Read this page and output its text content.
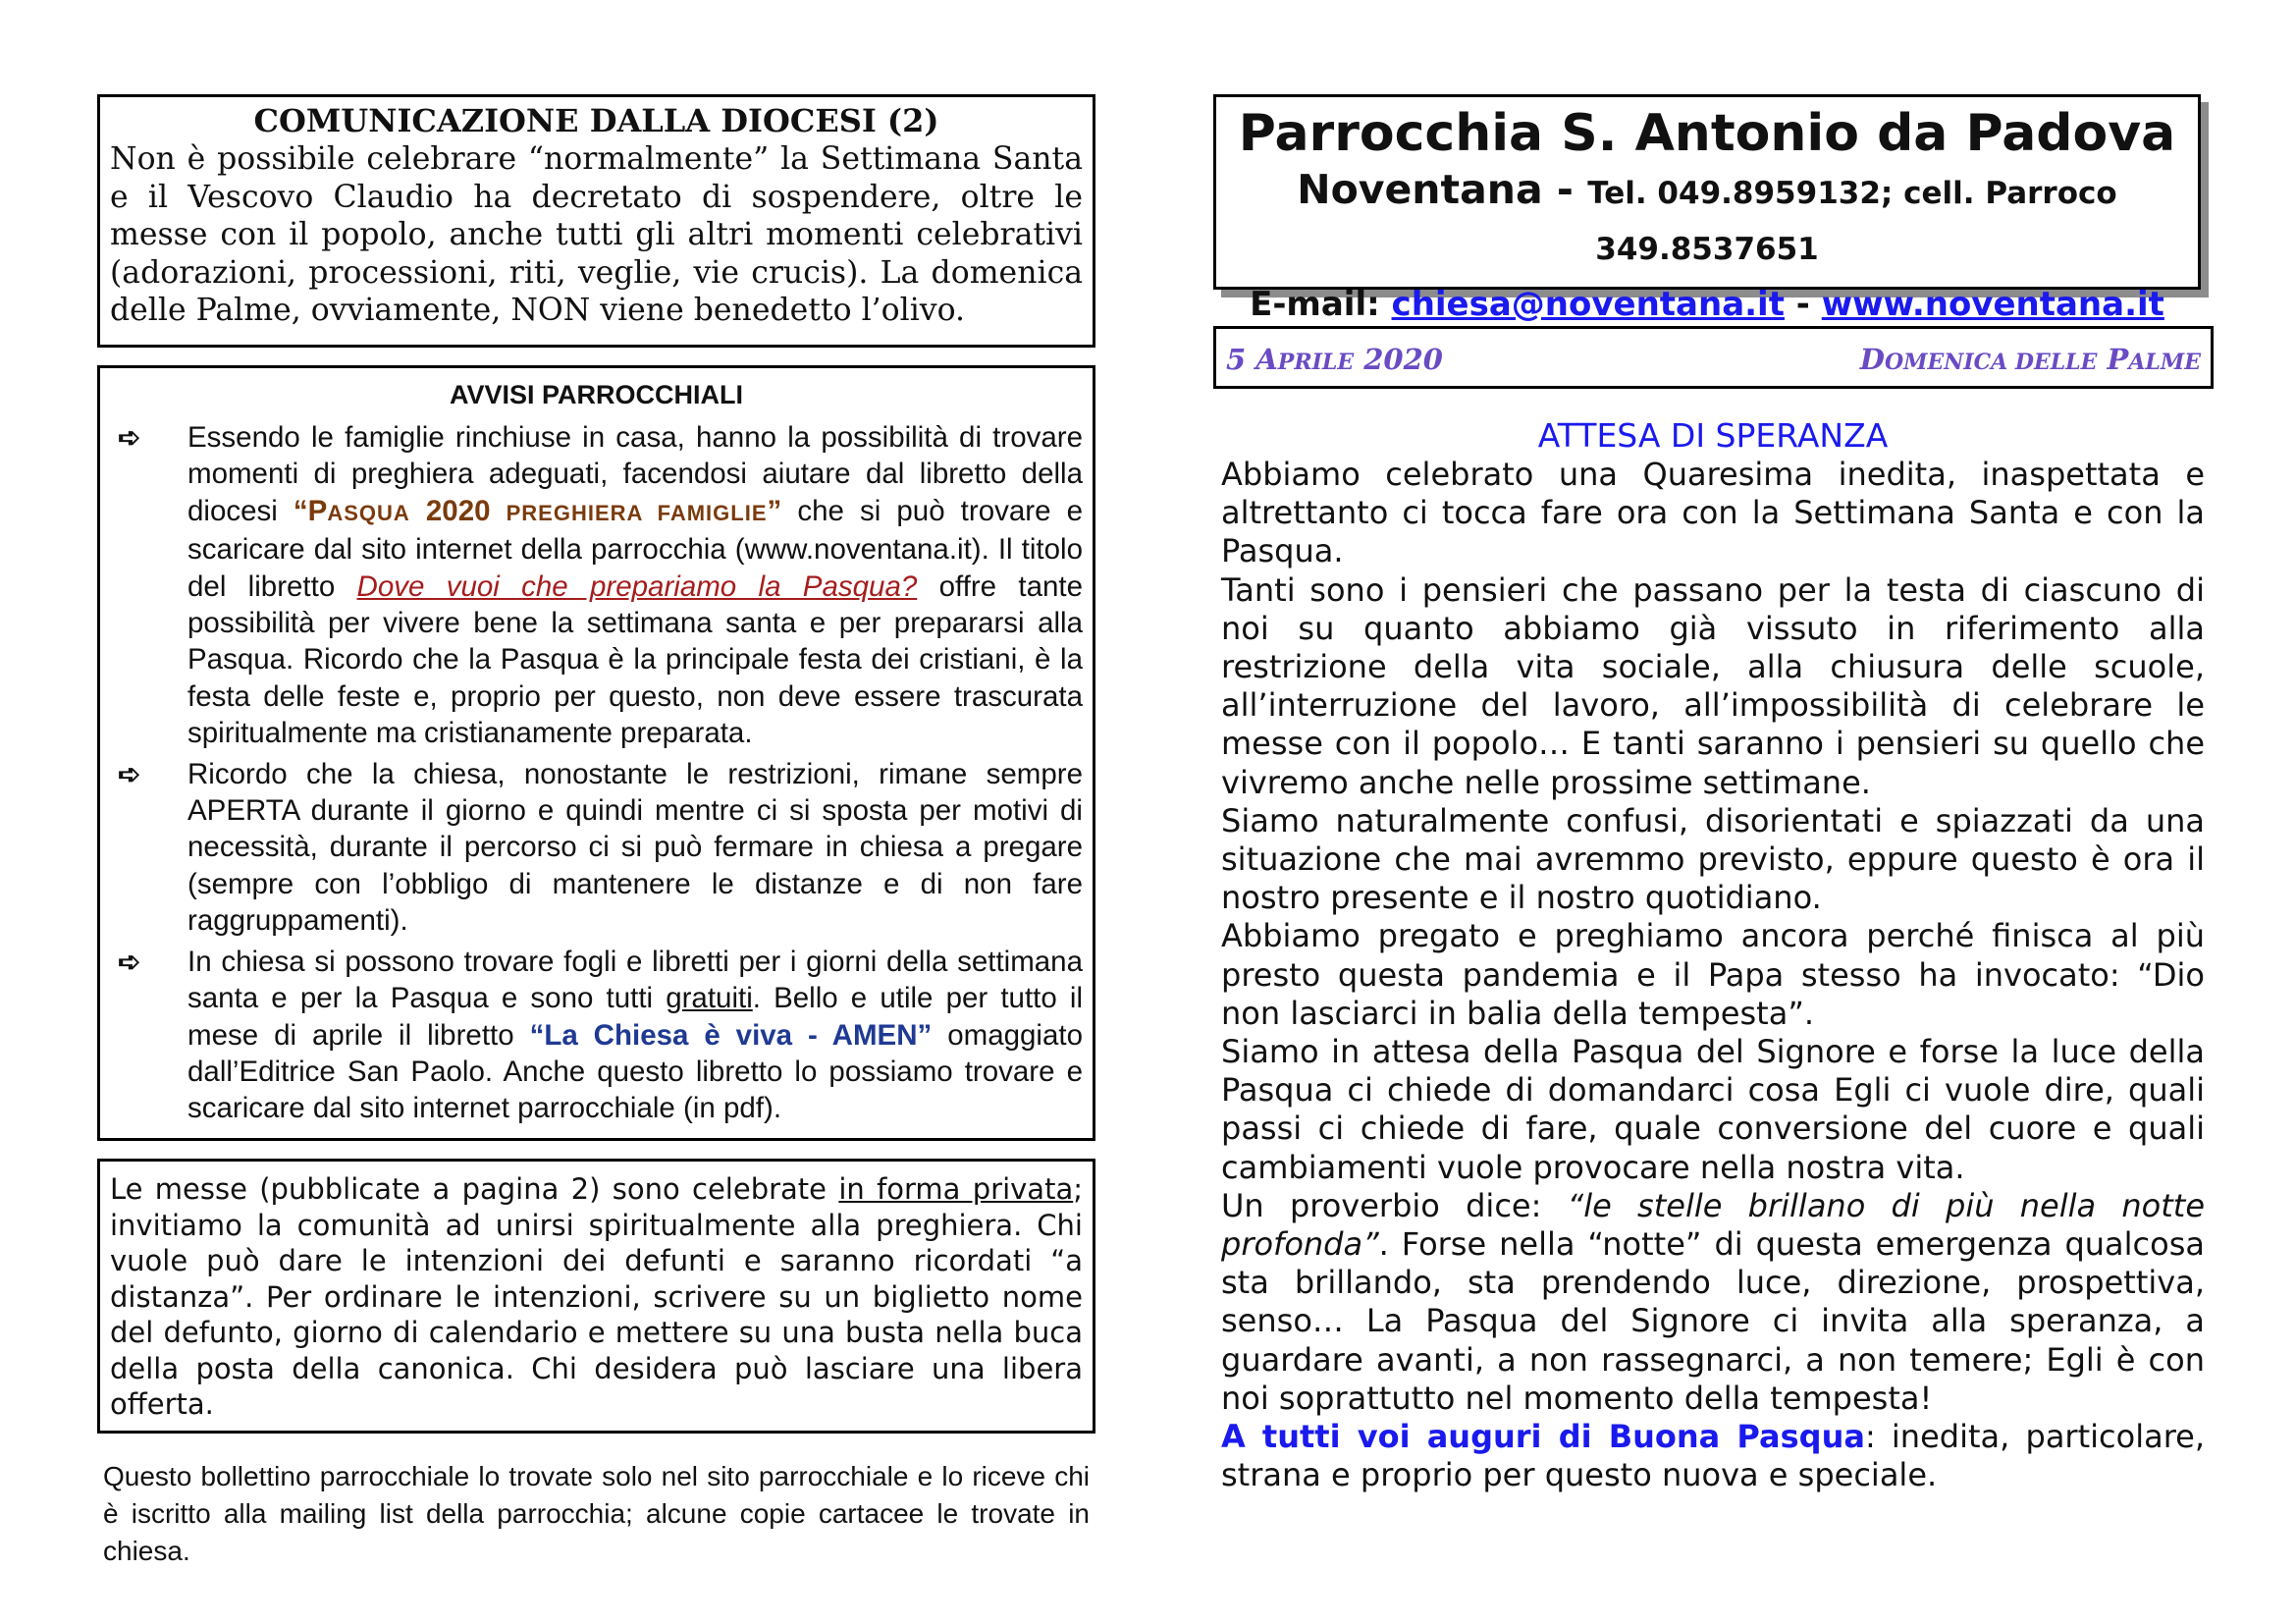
COMUNICAZIONE DALLA DIOCESI (2)
Non è possibile celebrare “normalmente” la Settimana Santa e il Vescovo Claudio ha decretato di sospendere, oltre le messe con il popolo, anche tutti gli altri momenti celebrativi (adorazioni, processioni, riti, veglie, vie crucis). La domenica delle Palme, ovviamente, NON viene benedetto l’olivo.
AVVISI PARROCCHIALI
➪ Essendo le famiglie rinchiuse in casa, hanno la possibilità di trovare momenti di preghiera adeguati, facendosi aiutare dal libretto della diocesi “PASQUA 2020 PREGHIERA FAMIGLIE” che si può trovare e scaricare dal sito internet della parrocchia (www.noventana.it). Il titolo del libretto Dove vuoi che prepariamo la Pasqua? offre tante possibilità per vivere bene la settimana santa e per prepararsi alla Pasqua. Ricordo che la Pasqua è la principale festa dei cristiani, è la festa delle feste e, proprio per questo, non deve essere trascurata spiritualmente ma cristianamente preparata.
➪ Ricordo che la chiesa, nonostante le restrizioni, rimane sempre APERTA durante il giorno e quindi mentre ci si sposta per motivi di necessità, durante il percorso ci si può fermare in chiesa a pregare (sempre con l’obbligo di mantenere le distanze e di non fare raggruppamenti).
➪ In chiesa si possono trovare fogli e libretti per i giorni della settimana santa e per la Pasqua e sono tutti gratuiti. Bello e utile per tutto il mese di aprile il libretto “La Chiesa è viva - AMEN” omaggiato dall’Editrice San Paolo. Anche questo libretto lo possiamo trovare e scaricare dal sito internet parrocchiale (in pdf).
Le messe (pubblicate a pagina 2) sono celebrate in forma privata; invitiamo la comunità ad unirsi spiritualmente alla preghiera. Chi vuole può dare le intenzioni dei defunti e saranno ricordati “a distanza”. Per ordinare le intenzioni, scrivere su un biglietto nome del defunto, giorno di calendario e mettere su una busta nella buca della posta della canonica. Chi desidera può lasciare una libera offerta.
Questo bollettino parrocchiale lo trovate solo nel sito parrocchiale e lo riceve chi è iscritto alla mailing list della parrocchia; alcune copie cartacee le trovate in chiesa.
Parrocchia S. Antonio da Padova
Noventana - Tel. 049.8959132; cell. Parroco 349.8537651
E-mail: chiesa@noventana.it - www.noventana.it
5 APRILE 2020	DOMENICA DELLE PALME
ATTESA DI SPERANZA

Abbiamo celebrato una Quaresima inedita, inaspettata e altrettanto ci tocca fare ora con la Settimana Santa e con la Pasqua.

Tanti sono i pensieri che passano per la testa di ciascuno di noi su quanto abbiamo già vissuto in riferimento alla restrizione della vita sociale, alla chiusura delle scuole, all’interruzione del lavoro, all’impossibilità di celebrare le messe con il popolo… E tanti saranno i pensieri su quello che vivremo anche nelle prossime settimane.

Siamo naturalmente confusi, disorientati e spiazzati da una situazione che mai avremmo previsto, eppure questo è ora il nostro presente e il nostro quotidiano.

Abbiamo pregato e preghiamo ancora perché finisca al più presto questa pandemia e il Papa stesso ha invocato: “Dio non lasciarci in balia della tempesta”.

Siamo in attesa della Pasqua del Signore e forse la luce della Pasqua ci chiede di domandarci cosa Egli ci vuole dire, quali passi ci chiede di fare, quale conversione del cuore e quali cambiamenti vuole provocare nella nostra vita.

Un proverbio dice: “le stelle brillano di più nella notte profonda”. Forse nella “notte” di questa emergenza qualcosa sta brillando, sta prendendo luce, direzione, prospettiva, senso… La Pasqua del Signore ci invita alla speranza, a guardare avanti, a non rassegnarci, a non temere; Egli è con noi soprattutto nel momento della tempesta!

A tutti voi auguri di Buona Pasqua: inedita, particolare, strana e proprio per questo nuova e speciale.
